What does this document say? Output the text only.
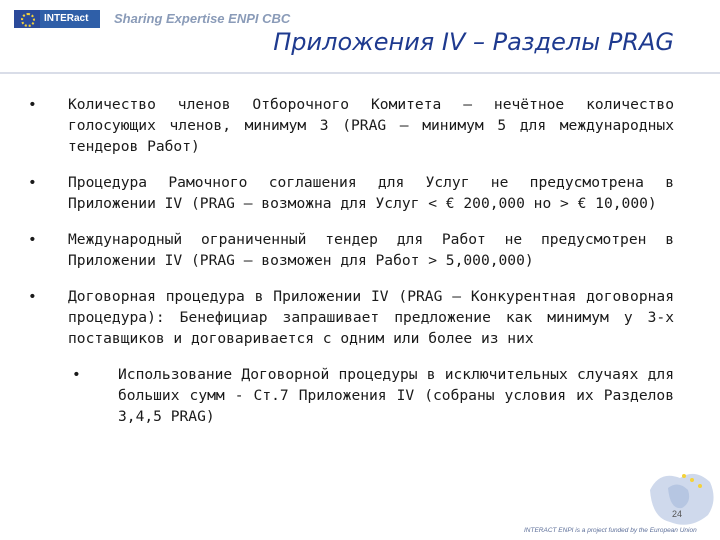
INTERact	Sharing Expertise ENPI CBC
Приложения IV – Разделы PRAG
•	Количество членов Отборочного Комитета – нечётное количество голосующих членов, минимум 3 (PRAG – минимум 5 для международных тендеров Работ)
•	Процедура Рамочного соглашения для Услуг не предусмотрена в Приложении IV (PRAG – возможна для Услуг < € 200,000 но > € 10,000)
•	Международный ограниченный тендер для Работ не предусмотрен в Приложении IV (PRAG – возможен для Работ > 5,000,000)
•	Договорная процедура в Приложении IV (PRAG – Конкурентная договорная процедура): Бенефициар запрашивает предложение как минимум у 3-х поставщиков и договаривается с одним или более из них
•	Использование Договорной процедуры в исключительных случаях для больших сумм - Ст.7 Приложения IV (собраны условия их Разделов 3,4,5 PRAG)
24
INTERACT ENPI is a project funded by the European Union
